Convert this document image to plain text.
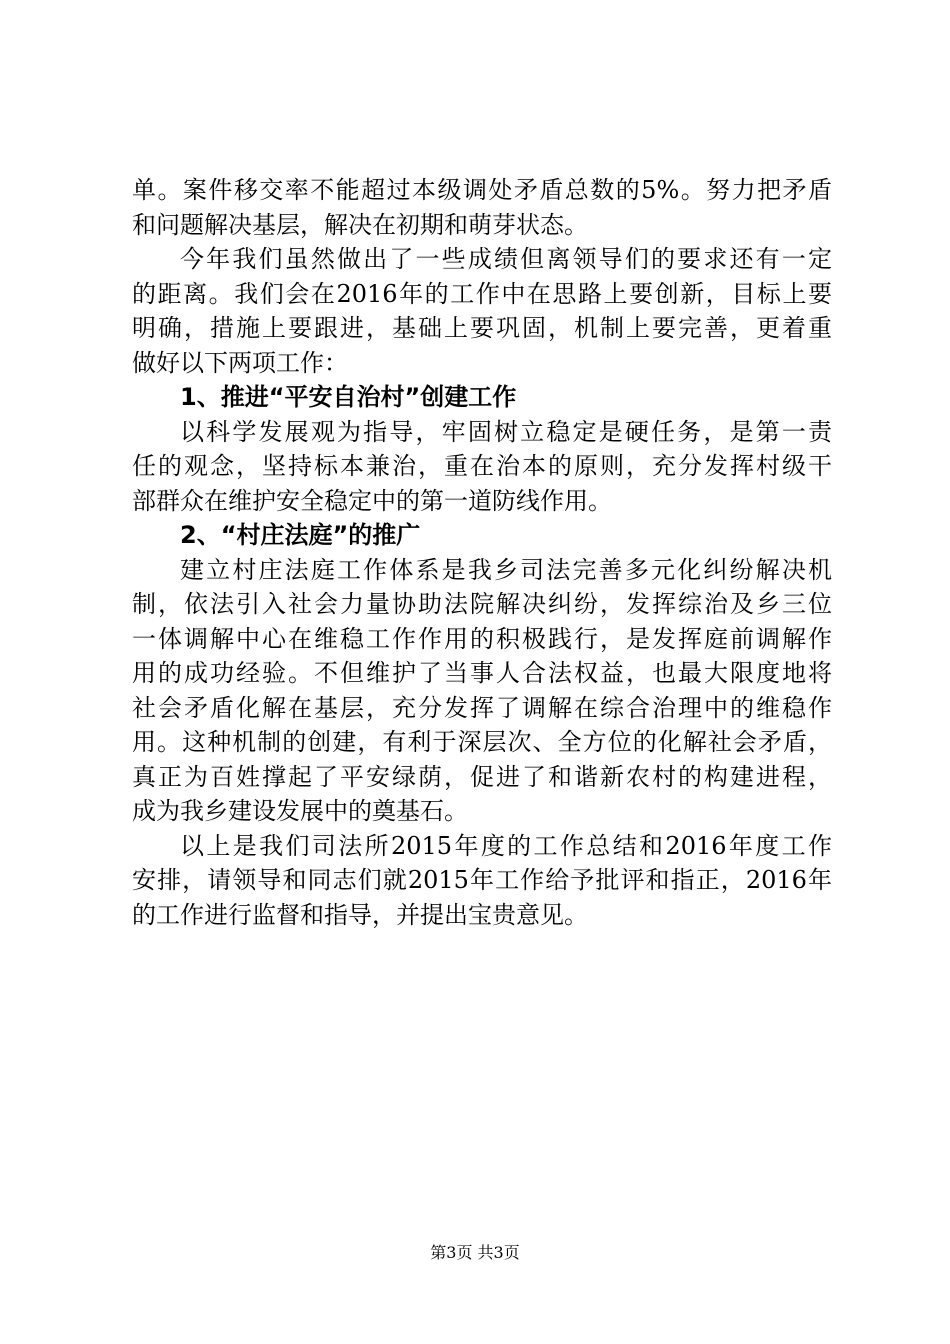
单。案件移交率不能超过本级调处矛盾总数的5%。努力把矛盾
和问题解决基层，解决在初期和萌芽状态。
今年我们虽然做出了一些成绩但离领导们的要求还有一定
的距离。我们会在2016年的工作中在思路上要创新，目标上要
明确，措施上要跟进，基础上要巩固，机制上要完善，更着重
做好以下两项工作：
1、推进“平安自治村”创建工作
以科学发展观为指导，牢固树立稳定是硬任务，是第一责
任的观念，坚持标本兼治，重在治本的原则，充分发挥村级干
部群众在维护安全稳定中的第一道防线作用。
2、“村庄法庭”的推广
建立村庄法庭工作体系是我乡司法完善多元化纠纷解决机
制，依法引入社会力量协助法院解决纠纷，发挥综治及乡三位
一体调解中心在维稳工作作用的积极践行，是发挥庭前调解作
用的成功经验。不但维护了当事人合法权益，也最大限度地将
社会矛盾化解在基层，充分发挥了调解在综合治理中的维稳作
用。这种机制的创建，有利于深层次、全方位的化解社会矛盾，
真正为百姓撑起了平安绿荫，促进了和谐新农村的构建进程，
成为我乡建设发展中的奠基石。
以上是我们司法所2015年度的工作总结和2016年度工作
安排，请领导和同志们就2015年工作给予批评和指正，2016年
的工作进行监督和指导，并提出宝贵意见。
第3页 共3页
